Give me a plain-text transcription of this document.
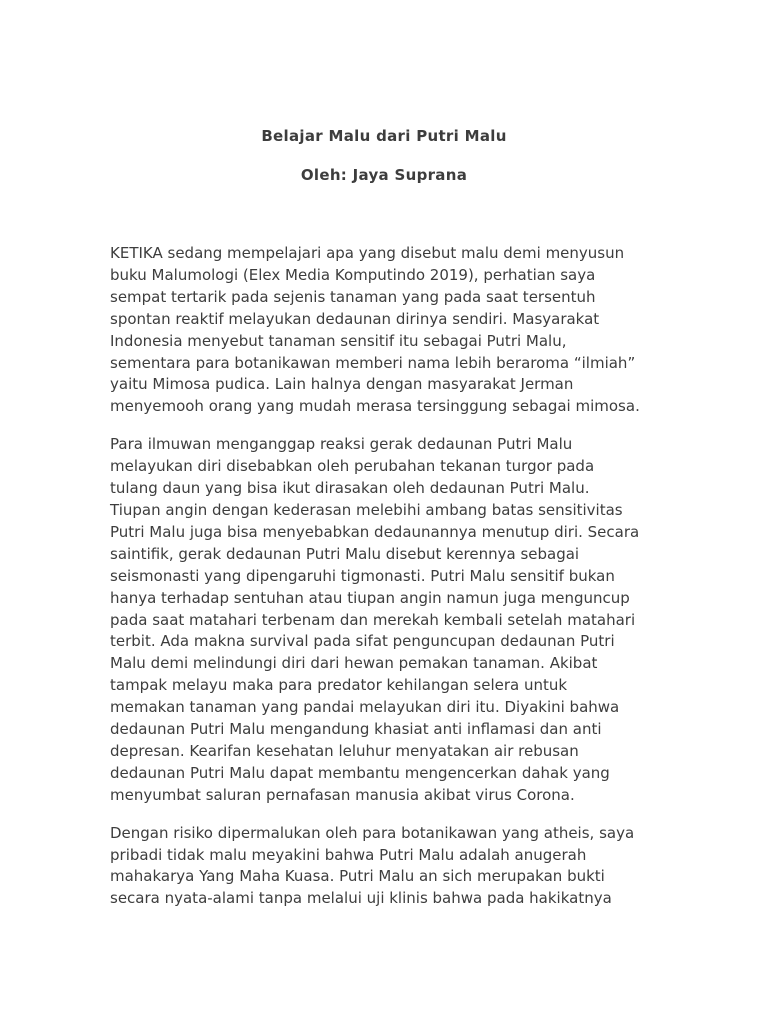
Belajar Malu dari Putri Malu
Oleh: Jaya Suprana
KETIKA sedang mempelajari apa yang disebut malu demi menyusun
buku Malumologi (Elex Media Komputindo 2019), perhatian saya
sempat tertarik pada sejenis tanaman yang pada saat tersentuh
spontan reaktif melayukan dedaunan dirinya sendiri. Masyarakat
Indonesia menyebut tanaman sensitif itu sebagai Putri Malu,
sementara para botanikawan memberi nama lebih beraroma “ilmiah”
yaitu Mimosa pudica. Lain halnya dengan masyarakat Jerman
menyemooh orang yang mudah merasa tersinggung sebagai mimosa.
Para ilmuwan menganggap reaksi gerak dedaunan Putri Malu
melayukan diri disebabkan oleh perubahan tekanan turgor pada
tulang daun yang bisa ikut dirasakan oleh dedaunan Putri Malu.
Tiupan angin dengan kederasan melebihi ambang batas sensitivitas
Putri Malu juga bisa menyebabkan dedaunannya menutup diri. Secara
saintifik, gerak dedaunan Putri Malu disebut kerennya sebagai
seismonasti yang dipengaruhi tigmonasti. Putri Malu sensitif bukan
hanya terhadap sentuhan atau tiupan angin namun juga menguncup
pada saat matahari terbenam dan merekah kembali setelah matahari
terbit. Ada makna survival pada sifat penguncupan dedaunan Putri
Malu demi melindungi diri dari hewan pemakan tanaman. Akibat
tampak melayu maka para predator kehilangan selera untuk
memakan tanaman yang pandai melayukan diri itu. Diyakini bahwa
dedaunan Putri Malu mengandung khasiat anti inflamasi dan anti
depresan. Kearifan kesehatan leluhur menyatakan air rebusan
dedaunan Putri Malu dapat membantu mengencerkan dahak yang
menyumbat saluran pernafasan manusia akibat virus Corona.
Dengan risiko dipermalukan oleh para botanikawan yang atheis, saya
pribadi tidak malu meyakini bahwa Putri Malu adalah anugerah
mahakarya Yang Maha Kuasa. Putri Malu an sich merupakan bukti
secara nyata-alami tanpa melalui uji klinis bahwa pada hakikatnya
